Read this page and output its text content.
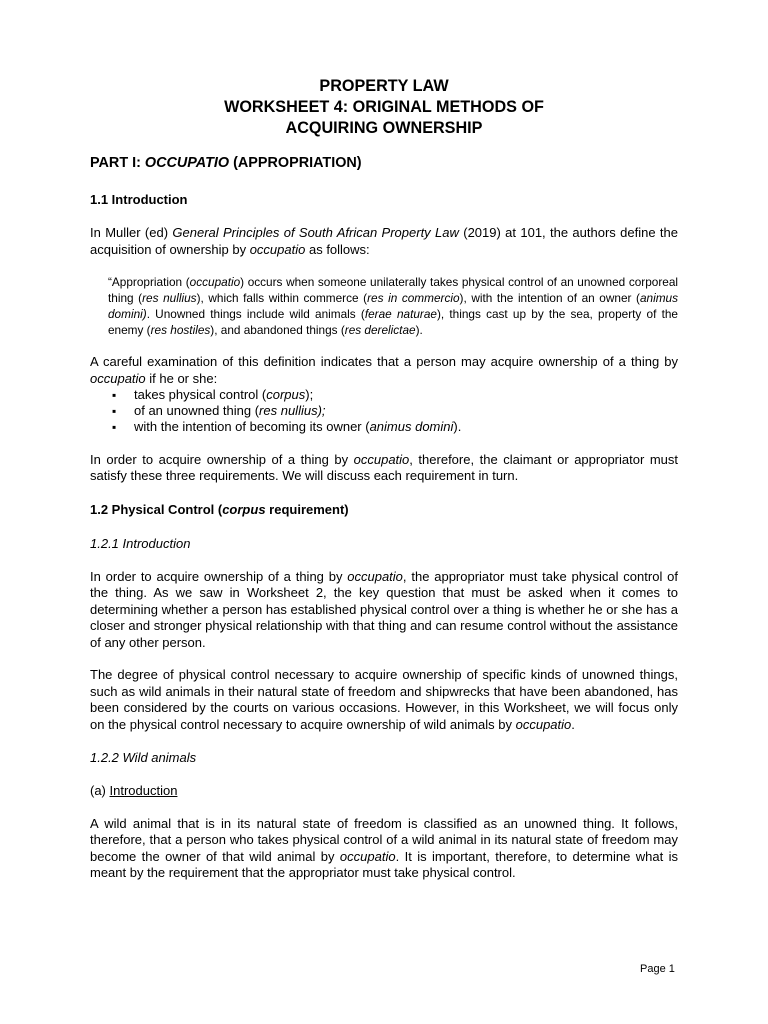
PROPERTY LAW

WORKSHEET 4: ORIGINAL METHODS OF

ACQUIRING OWNERSHIP

PART I: OCCUPATIO (APPROPRIATION)
1.1 Introduction

In Muller (ed) General Principles of South African Property Law (2019) at 101, the authors define the acquisition of ownership by occupatio as follows:

“Appropriation (occupatio) occurs when someone unilaterally takes physical control of an unowned corporeal thing (res nullius), which falls within commerce (res in commercio), with the intention of an owner (animus domini). Unowned things include wild animals (ferae naturae), things cast up by the sea, property of the enemy (res hostiles), and abandoned things (res derelictae).

A careful examination of this definition indicates that a person may acquire ownership of a thing by occupatio if he or she:

▪ takes physical control (corpus);
▪ of an unowned thing (res nullius);
▪ with the intention of becoming its owner (animus domini).

In order to acquire ownership of a thing by occupatio, therefore, the claimant or appropriator must satisfy these three requirements. We will discuss each requirement in turn.

1.2 Physical Control (corpus requirement)

1.2.1 Introduction

In order to acquire ownership of a thing by occupatio, the appropriator must take physical control of the thing. As we saw in Worksheet 2, the key question that must be asked when it comes to determining whether a person has established physical control over a thing is whether he or she has a closer and stronger physical relationship with that thing and can resume control without the assistance of any other person.

The degree of physical control necessary to acquire ownership of specific kinds of unowned things, such as wild animals in their natural state of freedom and shipwrecks that have been abandoned, has been considered by the courts on various occasions. However, in this Worksheet, we will focus only on the physical control necessary to acquire ownership of wild animals by occupatio.

1.2.2 Wild animals

(a) Introduction

A wild animal that is in its natural state of freedom is classified as an unowned thing. It follows, therefore, that a person who takes physical control of a wild animal in its natural state of freedom may become the owner of that wild animal by occupatio. It is important, therefore, to determine what is meant by the requirement that the appropriator must take physical control.

Page 1
